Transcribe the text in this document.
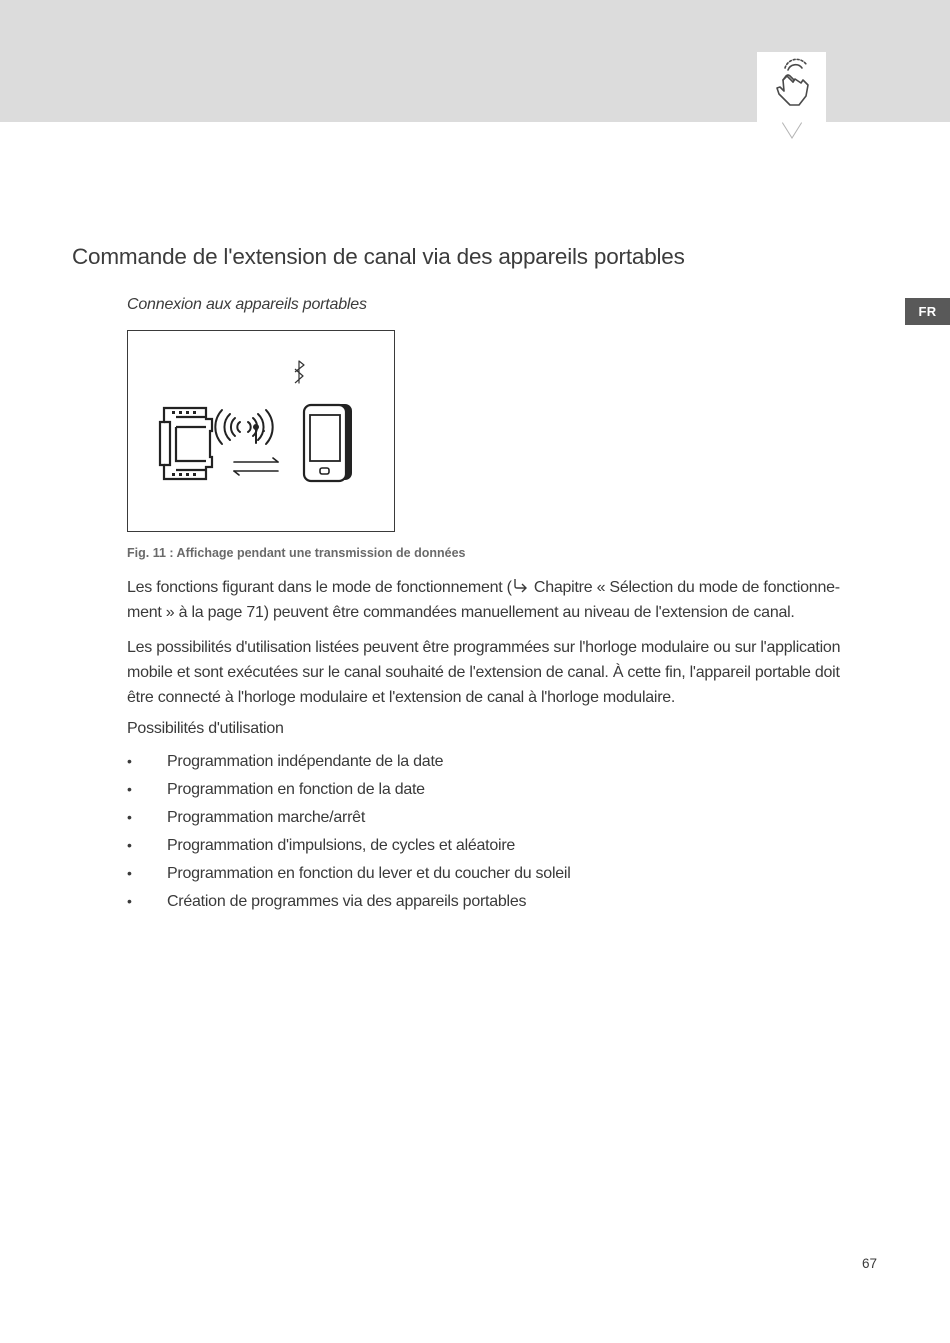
FR
Commande de l'extension de canal via des appareils portables
Connexion aux appareils portables
Fig. 11 : Affichage pendant une transmission de données

Les fonctions figurant dans le mode de fonctionnement ( Chapitre « Sélection du mode de fonctionne-
ment » à la page 71) peuvent être commandées manuellement au niveau de l'extension de canal.

Les possibilités d'utilisation listées peuvent être programmées sur l'horloge modulaire ou sur l'application
mobile et sont exécutées sur le canal souhaité de l'extension de canal. À cette fin, l'appareil portable doit
être connecté à l'horloge modulaire et l'extension de canal à l'horloge modulaire.

Possibilités d'utilisation

•	Programmation indépendante de la date
•	Programmation en fonction de la date
•	Programmation marche/arrêt
•	Programmation d'impulsions, de cycles et aléatoire
•	Programmation en fonction du lever et du coucher du soleil
•	Création de programmes via des appareils portables
67
